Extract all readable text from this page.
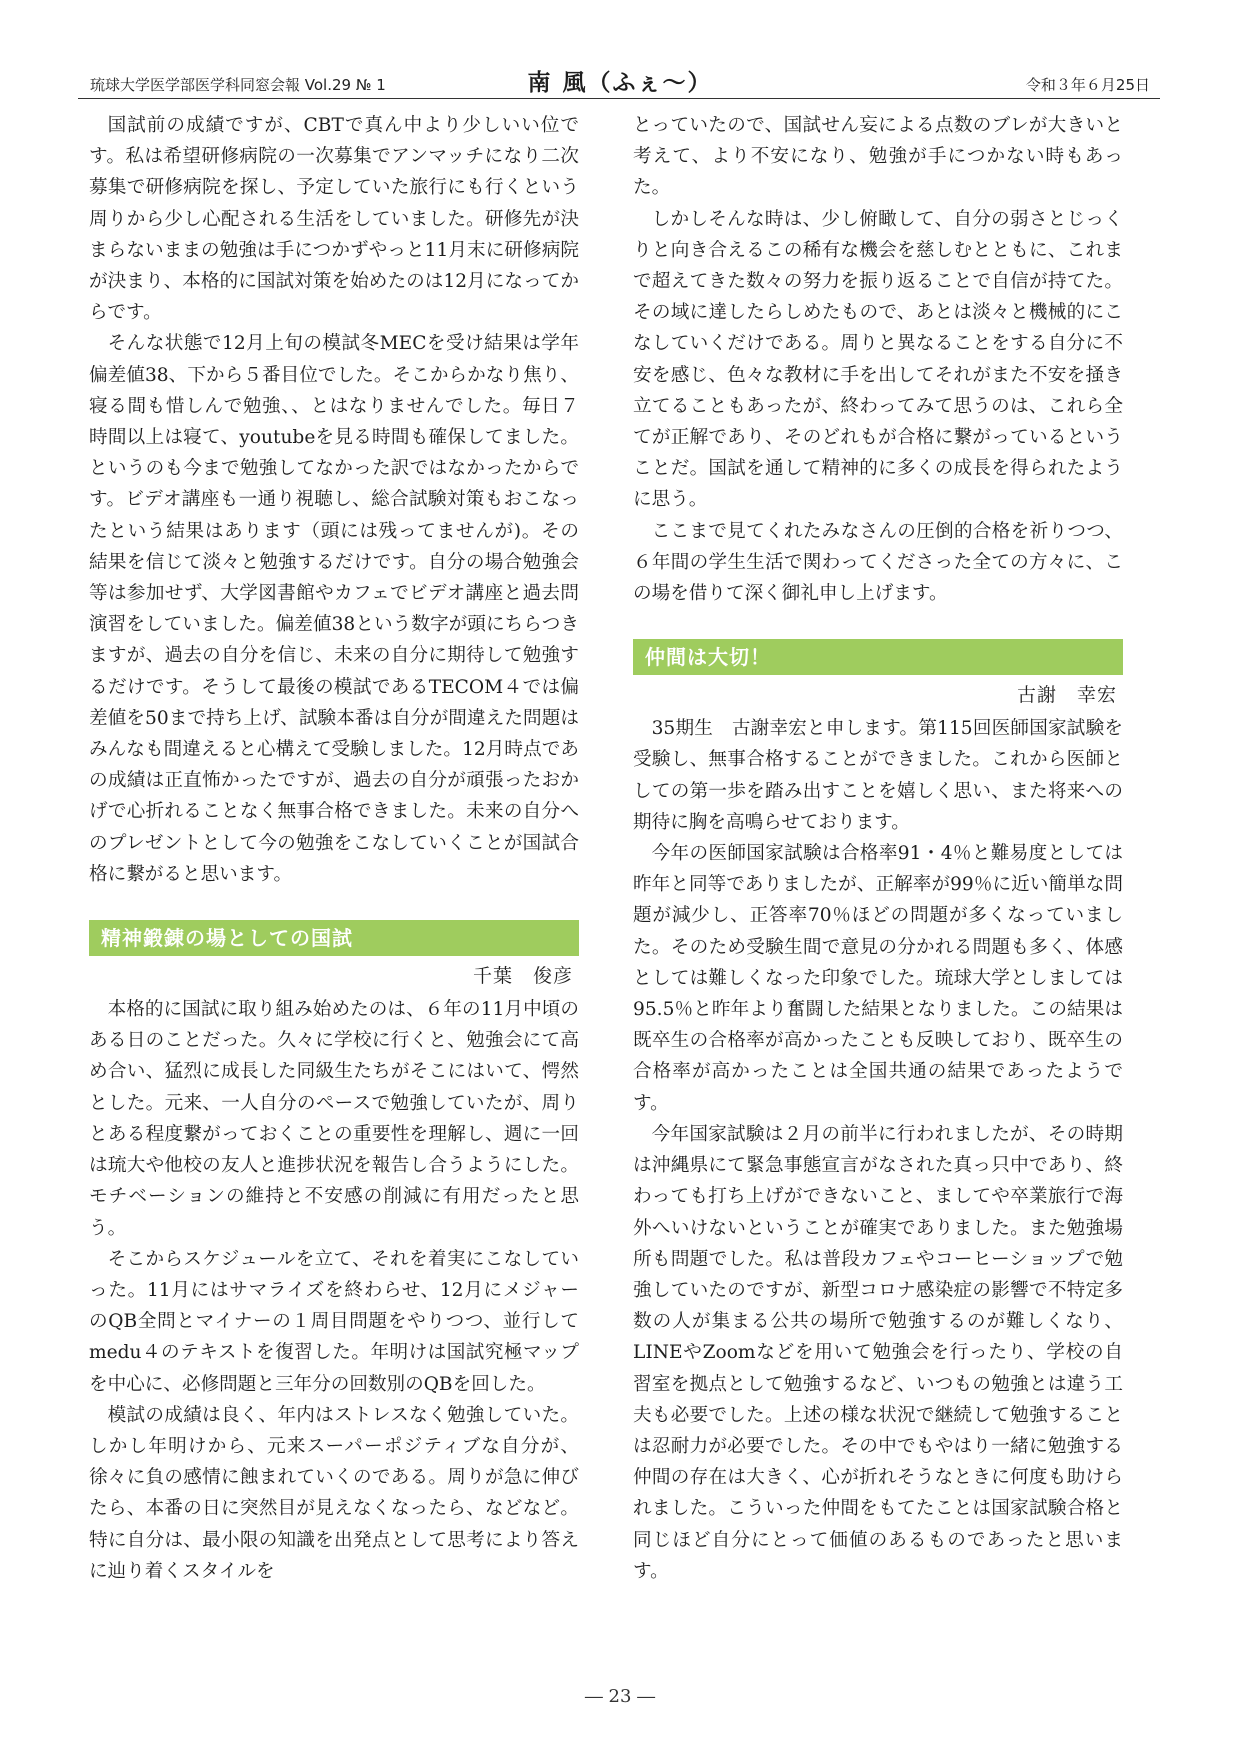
琉球大学医学部医学科同窓会報 Vol.29 № 1	南 風（ふぇ〜）	令和３年６月25日

国試前の成績ですが、CBTで真ん中より少しいい位です。私は希望研修病院の一次募集でアンマッチになり二次募集で研修病院を探し、予定していた旅行にも行くという周りから少し心配される生活をしていました。研修先が決まらないままの勉強は手につかずやっと11月末に研修病院が決まり、本格的に国試対策を始めたのは12月になってからです。

そんな状態で12月上旬の模試冬MECを受け結果は学年偏差値38、下から５番目位でした。そこからかなり焦り、寝る間も惜しんで勉強、、とはなりませんでした。毎日７時間以上は寝て、youtubeを見る時間も確保してました。というのも今まで勉強してなかった訳ではなかったからです。ビデオ講座も一通り視聴し、総合試験対策もおこなったという結果はあります（頭には残ってませんが)。その結果を信じて淡々と勉強するだけです。自分の場合勉強会等は参加せず、大学図書館やカフェでビデオ講座と過去問演習をしていました。偏差値38という数字が頭にちらつきますが、過去の自分を信じ、未来の自分に期待して勉強するだけです。そうして最後の模試であるTECOM４では偏差値を50まで持ち上げ、試験本番は自分が間違えた問題はみんなも間違えると心構えて受験しました。12月時点であの成績は正直怖かったですが、過去の自分が頑張ったおかげで心折れることなく無事合格できました。未来の自分へのプレゼントとして今の勉強をこなしていくことが国試合格に繋がると思います。

精神鍛錬の場としての国試
千葉　俊彦

本格的に国試に取り組み始めたのは、６年の11月中頃のある日のことだった。久々に学校に行くと、勉強会にて高め合い、猛烈に成長した同級生たちがそこにはいて、愕然とした。元来、一人自分のペースで勉強していたが、周りとある程度繋がっておくことの重要性を理解し、週に一回は琉大や他校の友人と進捗状況を報告し合うようにした。モチベーションの維持と不安感の削減に有用だったと思う。

そこからスケジュールを立て、それを着実にこなしていった。11月にはサマライズを終わらせ、12月にメジャーのQB全問とマイナーの１周目問題をやりつつ、並行してmedu４のテキストを復習した。年明けは国試究極マップを中心に、必修問題と三年分の回数別のQBを回した。

模試の成績は良く、年内はストレスなく勉強していた。しかし年明けから、元来スーパーポジティブな自分が、徐々に負の感情に蝕まれていくのである。周りが急に伸びたら、本番の日に突然目が見えなくなったら、などなど。特に自分は、最小限の知識を出発点として思考により答えに辿り着くスタイルを

とっていたので、国試せん妄による点数のブレが大きいと考えて、より不安になり、勉強が手につかない時もあった。

しかしそんな時は、少し俯瞰して、自分の弱さとじっくりと向き合えるこの稀有な機会を慈しむとともに、これまで超えてきた数々の努力を振り返ることで自信が持てた。その域に達したらしめたもので、あとは淡々と機械的にこなしていくだけである。周りと異なることをする自分に不安を感じ、色々な教材に手を出してそれがまた不安を掻き立てることもあったが、終わってみて思うのは、これら全てが正解であり、そのどれもが合格に繋がっているということだ。国試を通して精神的に多くの成長を得られたように思う。

ここまで見てくれたみなさんの圧倒的合格を祈りつつ、６年間の学生生活で関わってくださった全ての方々に、この場を借りて深く御礼申し上げます。

仲間は大切！
古謝　幸宏

35期生　古謝幸宏と申します。第115回医師国家試験を受験し、無事合格することができました。これから医師としての第一歩を踏み出すことを嬉しく思い、また将来への期待に胸を高鳴らせております。

今年の医師国家試験は合格率91・4％と難易度としては昨年と同等でありましたが、正解率が99％に近い簡単な問題が減少し、正答率70％ほどの問題が多くなっていました。そのため受験生間で意見の分かれる問題も多く、体感としては難しくなった印象でした。琉球大学としましては95.5％と昨年より奮闘した結果となりました。この結果は既卒生の合格率が高かったことも反映しており、既卒生の合格率が高かったことは全国共通の結果であったようです。

今年国家試験は２月の前半に行われましたが、その時期は沖縄県にて緊急事態宣言がなされた真っ只中であり、終わっても打ち上げができないこと、ましてや卒業旅行で海外へいけないということが確実でありました。また勉強場所も問題でした。私は普段カフェやコーヒーショップで勉強していたのですが、新型コロナ感染症の影響で不特定多数の人が集まる公共の場所で勉強するのが難しくなり、LINEやZoomなどを用いて勉強会を行ったり、学校の自習室を拠点として勉強するなど、いつもの勉強とは違う工夫も必要でした。上述の様な状況で継続して勉強することは忍耐力が必要でした。その中でもやはり一緒に勉強する仲間の存在は大きく、心が折れそうなときに何度も助けられました。こういった仲間をもてたことは国家試験合格と同じほど自分にとって価値のあるものであったと思います。

― 23 ―
